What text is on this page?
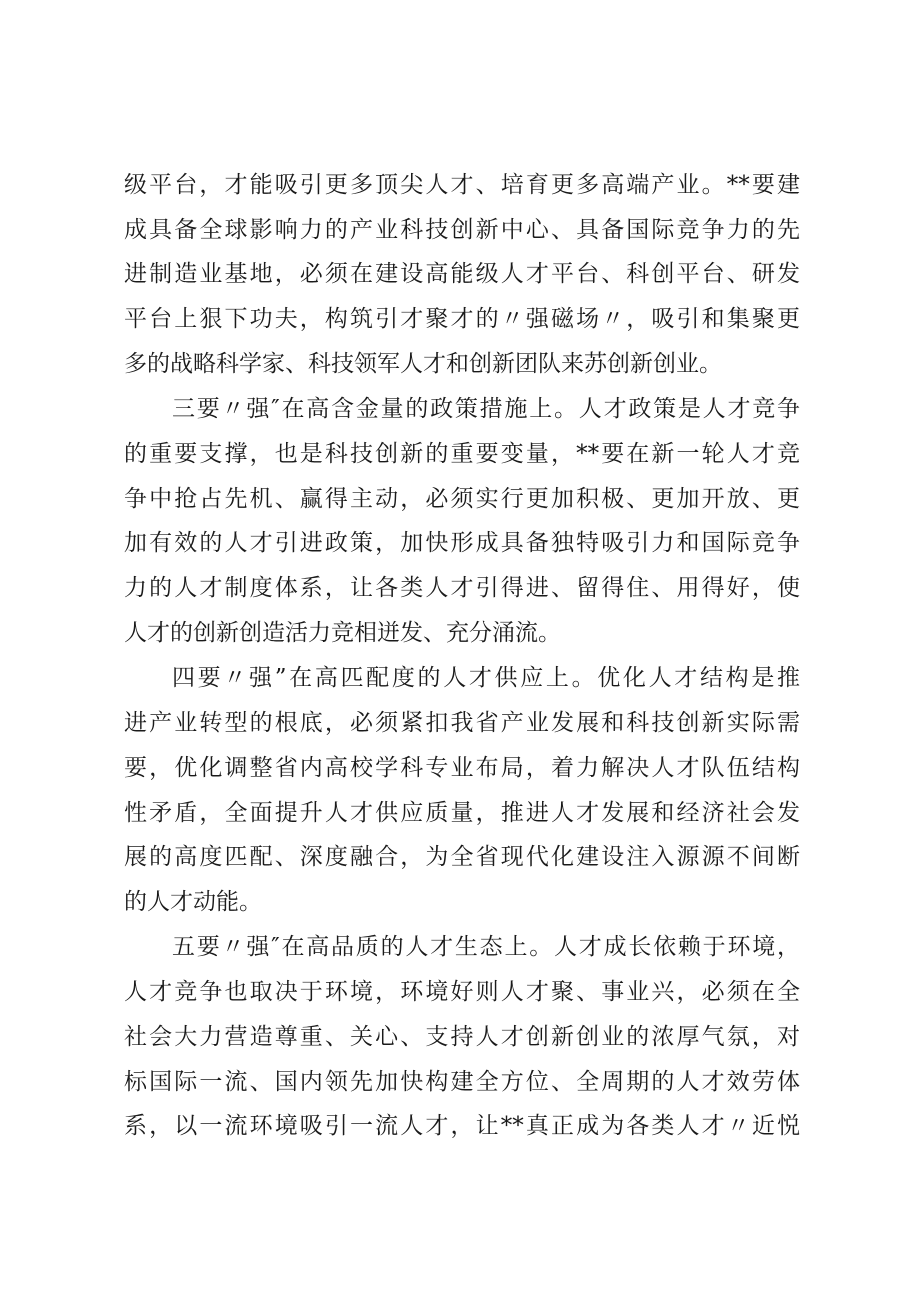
级平台，才能吸引更多顶尖人才、培育更多高端产业。**要建
成具备全球影响力的产业科技创新中心、具备国际竞争力的先
进制造业基地，必须在建设高能级人才平台、科创平台、研发
平台上狠下功夫，构筑引才聚才的〃强磁场〃，吸引和集聚更
多的战略科学家、科技领军人才和创新团队来苏创新创业。
三要〃强″在高含金量的政策措施上。人才政策是人才竞争
的重要支撑，也是科技创新的重要变量，**要在新一轮人才竞
争中抢占先机、赢得主动，必须实行更加积极、更加开放、更
加有效的人才引进政策，加快形成具备独特吸引力和国际竞争
力的人才制度体系，让各类人才引得进、留得住、用得好，使
人才的创新创造活力竞相迸发、充分涌流。
四要〃强”在高匹配度的人才供应上。优化人才结构是推
进产业转型的根底，必须紧扣我省产业发展和科技创新实际需
要，优化调整省内高校学科专业布局，着力解决人才队伍结构
性矛盾，全面提升人才供应质量，推进人才发展和经济社会发
展的高度匹配、深度融合，为全省现代化建设注入源源不间断
的人才动能。
五要〃强″在高品质的人才生态上。人才成长依赖于环境，
人才竞争也取决于环境，环境好则人才聚、事业兴，必须在全
社会大力营造尊重、关心、支持人才创新创业的浓厚气氛，对
标国际一流、国内领先加快构建全方位、全周期的人才效劳体
系，以一流环境吸引一流人才，让**真正成为各类人才〃近悦
